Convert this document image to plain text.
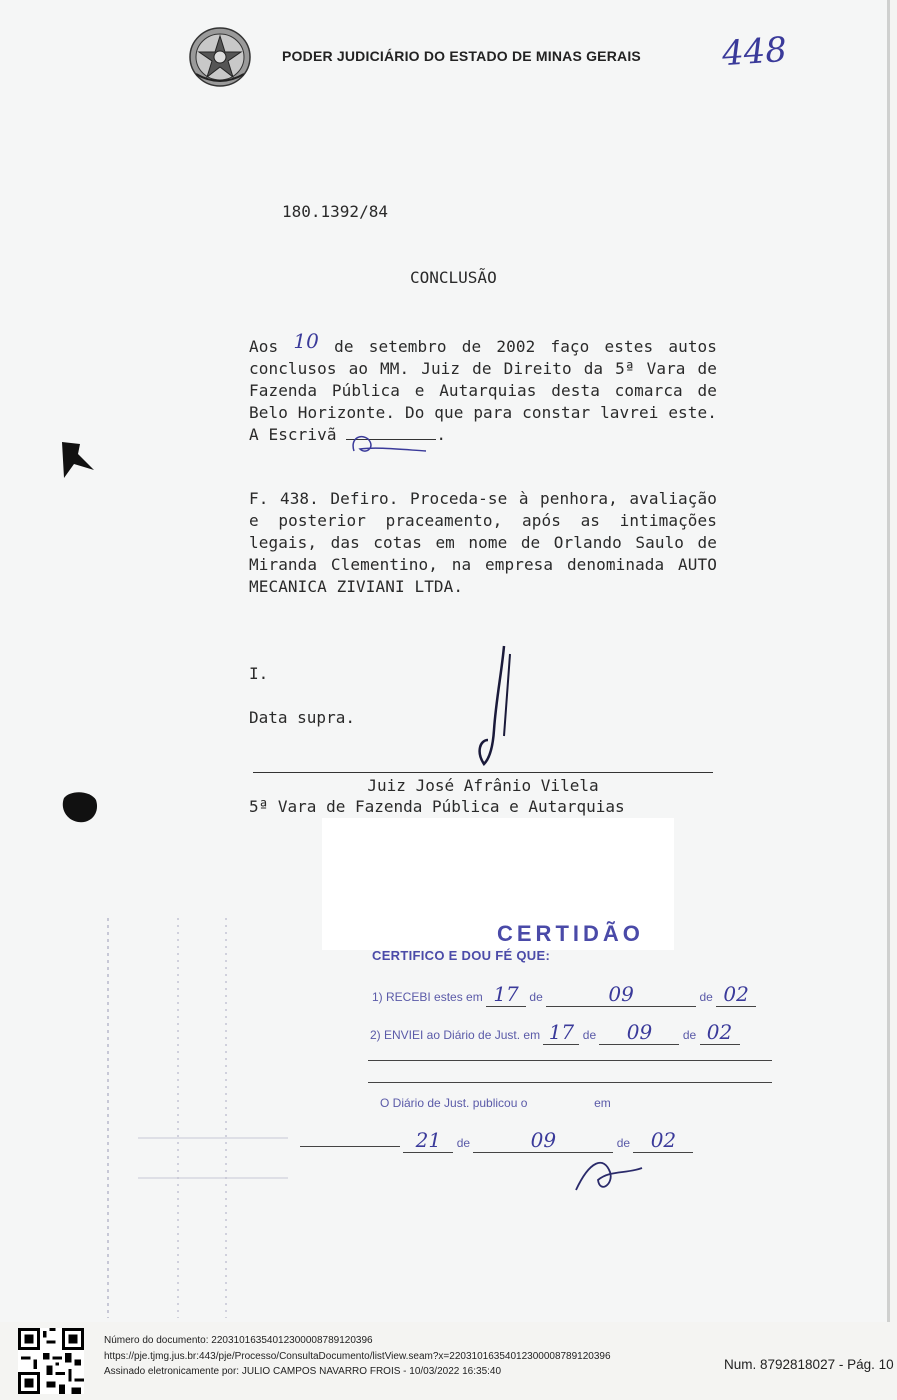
PODER JUDICIÁRIO DO ESTADO DE MINAS GERAIS 448
180.1392/84
CONCLUSÃO
Aos 10 de setembro de 2002 faço estes autos conclusos ao MM. Juiz de Direito da 5ª Vara de Fazenda Pública e Autarquias desta comarca de Belo Horizonte. Do que para constar lavrei este. A Escrivã	.
F. 438. Defiro. Proceda-se à penhora, avaliação e posterior praceamento, após as intimações legais, das cotas em nome de Orlando Saulo de Miranda Clementino, na empresa denominada AUTO MECANICA ZIVIANI LTDA.
I.
Data supra.
Juiz José Afrânio Vilela
5ª Vara de Fazenda Pública e Autarquias
CERTIDÃO
CERTIFICO E DOU FÉ QUE:
1) RECEBI estes em 17 de	09	de 02
2) ENVIEI ao Diário de Just. em 17 de 09	de 02
O Diário de Just. publicou o	em
21 de	09	de 02
Número do documento: 22031016354012300008789120396
https://pje.tjmg.jus.br:443/pje/Processo/ConsultaDocumento/listView.seam?x=22031016354012300008789120396
Assinado eletronicamente por: JULIO CAMPOS NAVARRO FROIS - 10/03/2022 16:35:40	Num. 8792818027 - Pág. 10
